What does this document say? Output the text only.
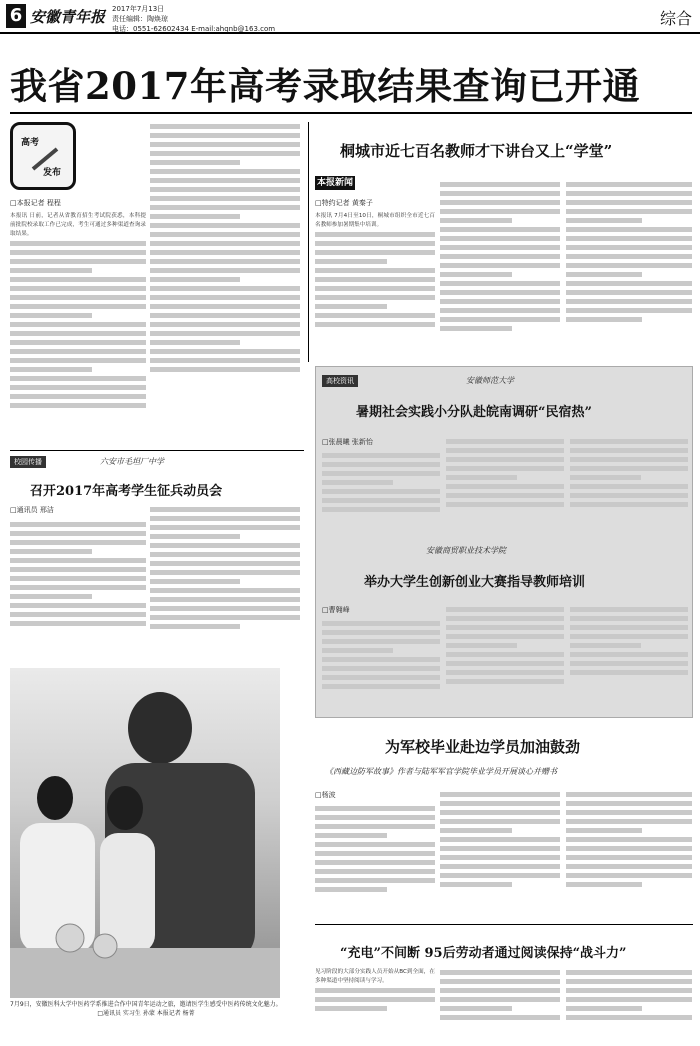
6 安徽青年报 2017年7月13日
责任编辑：陶焕琼
电话：0551-62602434 E-mail:ahqnb@163.com
综合
我省2017年高考录取结果查询已开通
高考
发布
□本报记者 程程
本报讯 日前，记者从省教育招生考试院获悉，本科提前批院校录取工作已完成，考生可通过多种渠道查询录取结果。
桐城市近七百名教师才下讲台又上“学堂”
本报新闻
□特约记者 黄秦子
本报讯 7月4日至10日，桐城市组织全市近七百名教师参加暑期集中培训。
校园传播	六安市毛坦厂中学
召开2017年高考学生征兵动员会
□通讯员 邢洁
高校资讯	安徽师范大学
暑期社会实践小分队赴皖南调研“民宿热”
□张晨曦 张新怡
安徽商贸职业技术学院
举办大学生创新创业大赛指导教师培训
□曹翱峰
7月9日，安徽医科大学中医药学系推进合作中国青年运动之旅，邀请医学生感受中医药传统文化魅力。
□通讯员 实习生 孙蒙 本报记者 杨菁
为军校毕业赴边学员加油鼓劲
《西藏边防军故事》作者与陆军军官学院毕业学员开展谈心并赠书
□杨波
“充电”不间断 95后劳动者通过阅读保持“战斗力”
见习阶段的大部分实践人员开始从BC到全面，在多种渠道中坚持阅读与学习。
